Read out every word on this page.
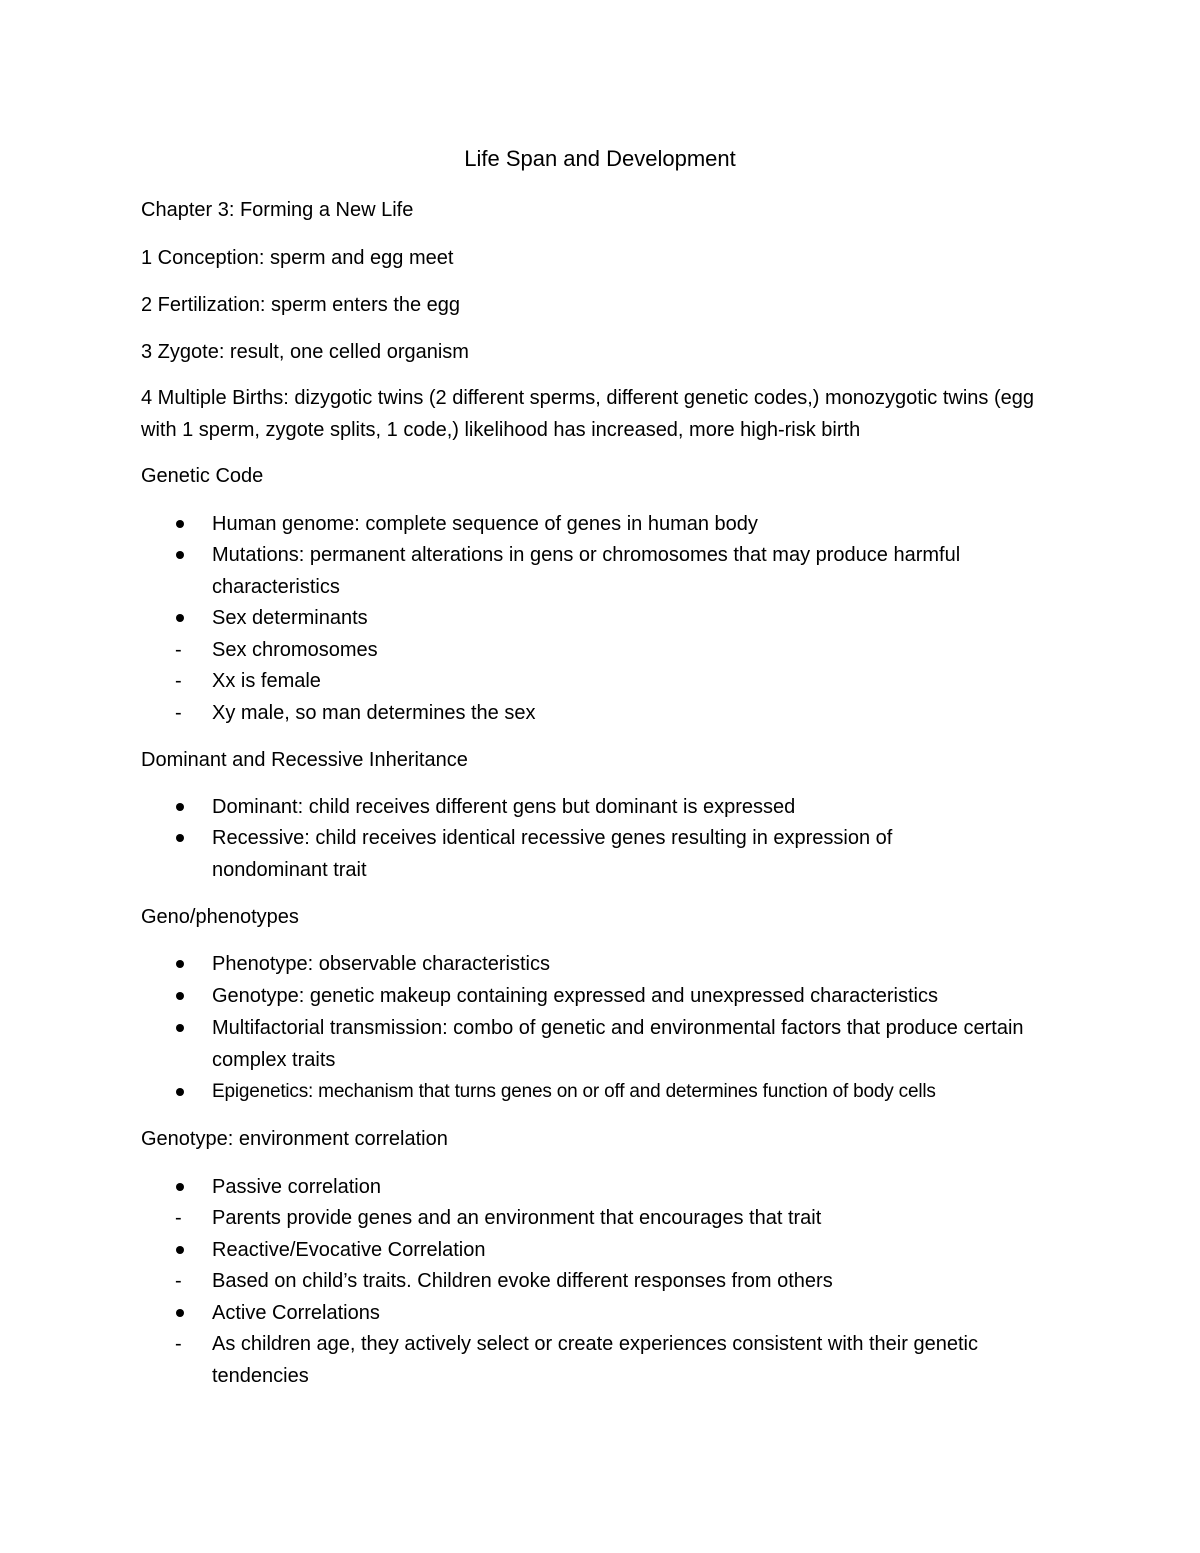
Life Span and Development

Chapter 3: Forming a New Life

1 Conception: sperm and egg meet

2 Fertilization: sperm enters the egg

3 Zygote: result, one celled organism

4 Multiple Births: dizygotic twins (2 different sperms, different genetic codes,) monozygotic twins (egg with 1 sperm, zygote splits, 1 code,) likelihood has increased, more high-risk birth

Genetic Code

Human genome: complete sequence of genes in human body
Mutations: permanent alterations in gens or chromosomes that may produce harmful characteristics
Sex determinants
- Sex chromosomes
- Xx is female
- Xy male, so man determines the sex

Dominant and Recessive Inheritance

Dominant: child receives different gens but dominant is expressed
Recessive: child receives identical recessive genes resulting in expression of nondominant trait

Geno/phenotypes

Phenotype: observable characteristics
Genotype: genetic makeup containing expressed and unexpressed characteristics
Multifactorial transmission: combo of genetic and environmental factors that produce certain complex traits
Epigenetics: mechanism that turns genes on or off and determines function of body cells

Genotype: environment correlation

Passive correlation
- Parents provide genes and an environment that encourages that trait
Reactive/Evocative Correlation
- Based on child’s traits. Children evoke different responses from others
Active Correlations
- As children age, they actively select or create experiences consistent with their genetic tendencies
